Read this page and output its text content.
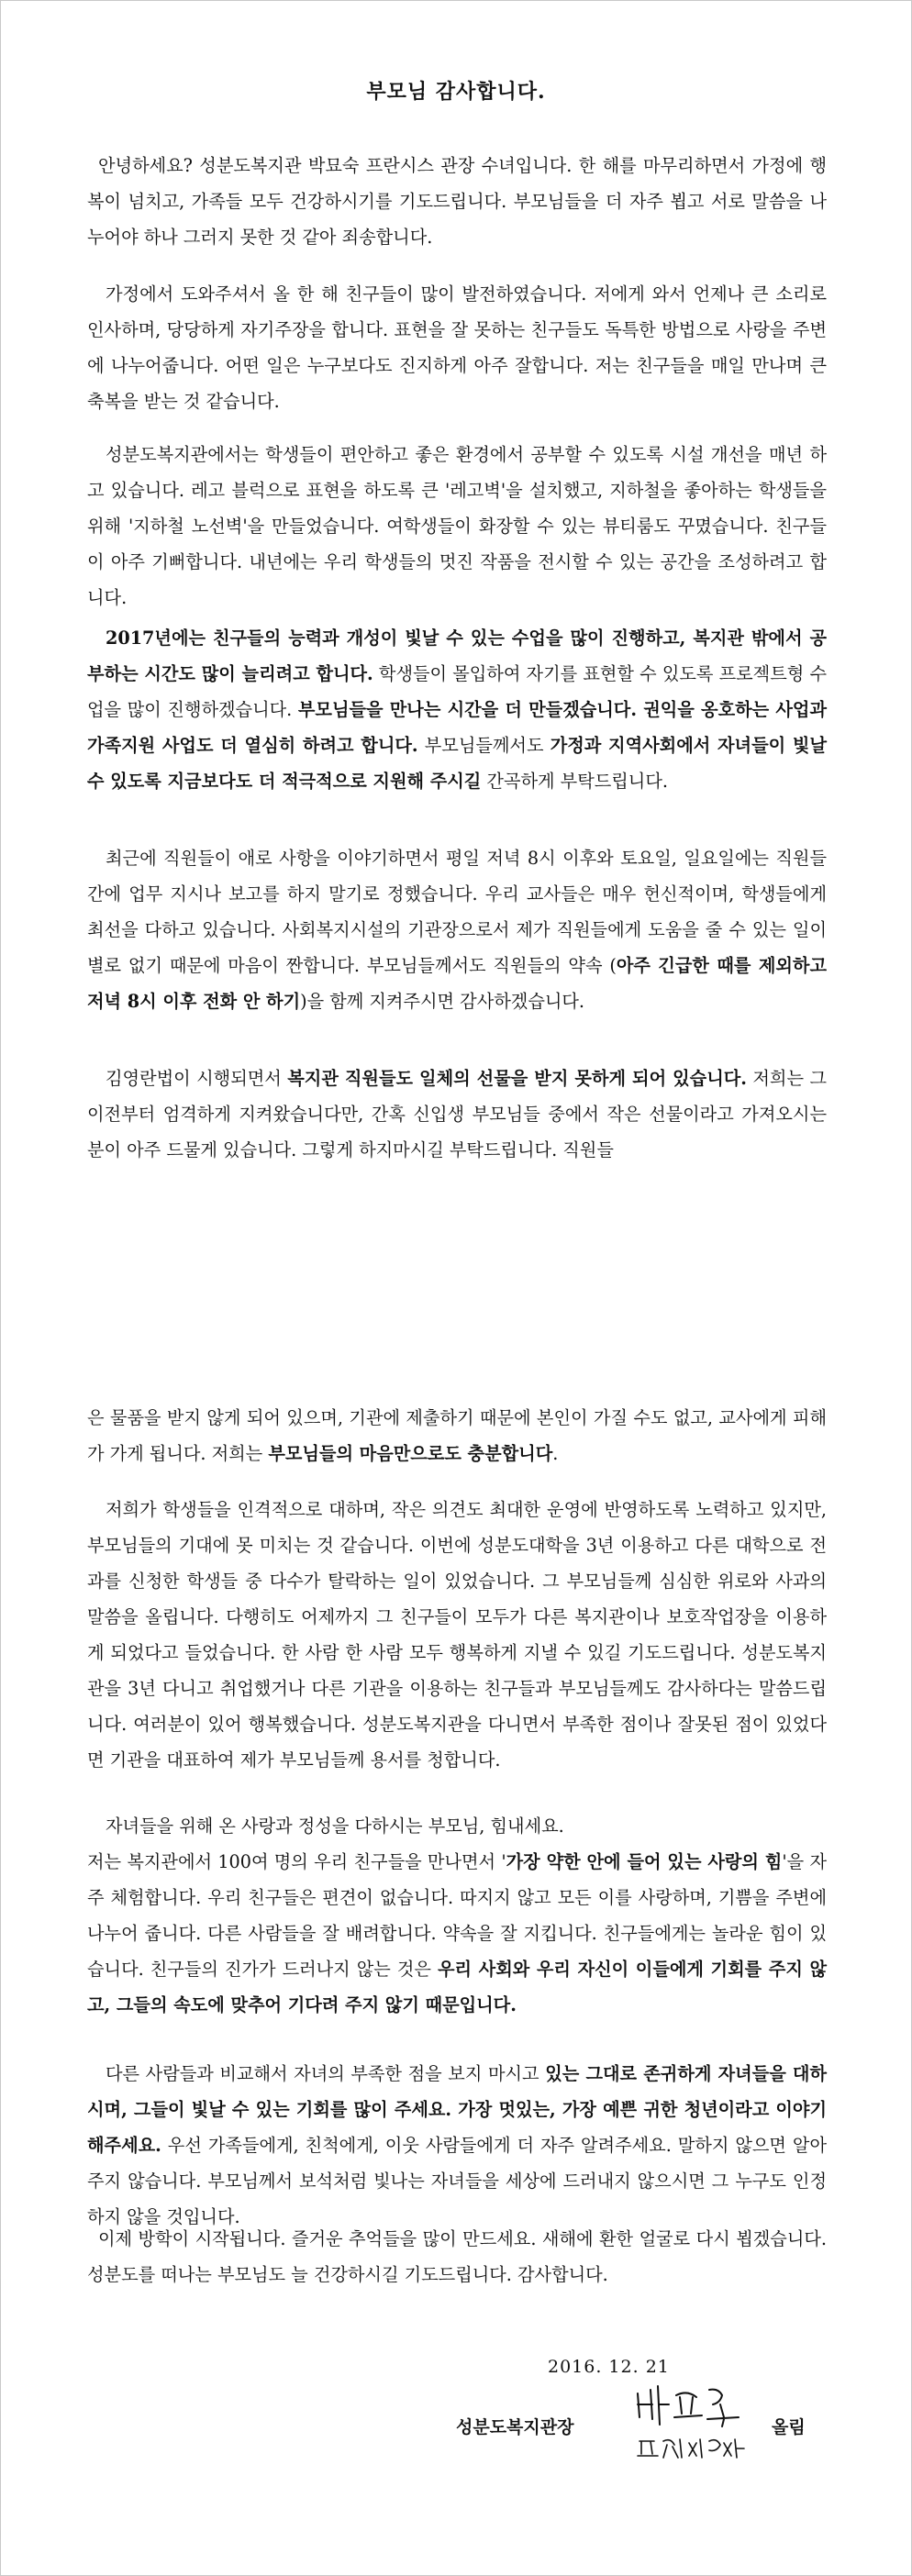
부모님 감사합니다.

안녕하세요? 성분도복지관 박묘숙 프란시스 관장 수녀입니다. 한 해를 마무리하면서 가정에 행복이 넘치고, 가족들 모두 건강하시기를 기도드립니다. 부모님들을 더 자주 뵙고 서로 말씀을 나누어야 하나 그러지 못한 것 같아 죄송합니다.

가정에서 도와주셔서 올 한 해 친구들이 많이 발전하였습니다. 저에게 와서 언제나 큰 소리로 인사하며, 당당하게 자기주장을 합니다. 표현을 잘 못하는 친구들도 독특한 방법으로 사랑을 주변에 나누어줍니다. 어떤 일은 누구보다도 진지하게 아주 잘합니다. 저는 친구들을 매일 만나며 큰 축복을 받는 것 같습니다.

성분도복지관에서는 학생들이 편안하고 좋은 환경에서 공부할 수 있도록 시설 개선을 매년 하고 있습니다. 레고 블럭으로 표현을 하도록 큰 '레고벽'을 설치했고, 지하철을 좋아하는 학생들을 위해 '지하철 노선벽'을 만들었습니다. 여학생들이 화장할 수 있는 뷰티룸도 꾸몄습니다. 친구들이 아주 기뻐합니다. 내년에는 우리 학생들의 멋진 작품을 전시할 수 있는 공간을 조성하려고 합니다.

2017년에는 친구들의 능력과 개성이 빛날 수 있는 수업을 많이 진행하고, 복지관 밖에서 공부하는 시간도 많이 늘리려고 합니다. 학생들이 몰입하여 자기를 표현할 수 있도록 프로젝트형 수업을 많이 진행하겠습니다. 부모님들을 만나는 시간을 더 만들겠습니다. 권익을 옹호하는 사업과 가족지원 사업도 더 열심히 하려고 합니다. 부모님들께서도 가정과 지역사회에서 자녀들이 빛날 수 있도록 지금보다도 더 적극적으로 지원해 주시길 간곡하게 부탁드립니다.

최근에 직원들이 애로 사항을 이야기하면서 평일 저녁 8시 이후와 토요일, 일요일에는 직원들 간에 업무 지시나 보고를 하지 말기로 정했습니다. 우리 교사들은 매우 헌신적이며, 학생들에게 최선을 다하고 있습니다. 사회복지시설의 기관장으로서 제가 직원들에게 도움을 줄 수 있는 일이 별로 없기 때문에 마음이 짠합니다. 부모님들께서도 직원들의 약속 (아주 긴급한 때를 제외하고 저녁 8시 이후 전화 안 하기)을 함께 지켜주시면 감사하겠습니다.

김영란법이 시행되면서 복지관 직원들도 일체의 선물을 받지 못하게 되어 있습니다. 저희는 그 이전부터 엄격하게 지켜왔습니다만, 간혹 신입생 부모님들 중에서 작은 선물이라고 가져오시는 분이 아주 드물게 있습니다. 그렇게 하지마시길 부탁드립니다. 직원들

은 물품을 받지 않게 되어 있으며, 기관에 제출하기 때문에 본인이 가질 수도 없고, 교사에게 피해가 가게 됩니다. 저희는 부모님들의 마음만으로도 충분합니다.

저희가 학생들을 인격적으로 대하며, 작은 의견도 최대한 운영에 반영하도록 노력하고 있지만, 부모님들의 기대에 못 미치는 것 같습니다. 이번에 성분도대학을 3년 이용하고 다른 대학으로 전과를 신청한 학생들 중 다수가 탈락하는 일이 있었습니다. 그 부모님들께 심심한 위로와 사과의 말씀을 올립니다. 다행히도 어제까지 그 친구들이 모두가 다른 복지관이나 보호작업장을 이용하게 되었다고 들었습니다. 한 사람 한 사람 모두 행복하게 지낼 수 있길 기도드립니다. 성분도복지관을 3년 다니고 취업했거나 다른 기관을 이용하는 친구들과 부모님들께도 감사하다는 말씀드립니다. 여러분이 있어 행복했습니다. 성분도복지관을 다니면서 부족한 점이나 잘못된 점이 있었다면 기관을 대표하여 제가 부모님들께 용서를 청합니다.

자녀들을 위해 온 사랑과 정성을 다하시는 부모님, 힘내세요.
저는 복지관에서 100여 명의 우리 친구들을 만나면서 '가장 약한 안에 들어 있는 사랑의 힘'을 자주 체험합니다. 우리 친구들은 편견이 없습니다. 따지지 않고 모든 이를 사랑하며, 기쁨을 주변에 나누어 줍니다. 다른 사람들을 잘 배려합니다. 약속을 잘 지킵니다. 친구들에게는 놀라운 힘이 있습니다. 친구들의 진가가 드러나지 않는 것은 우리 사회와 우리 자신이 이들에게 기회를 주지 않고, 그들의 속도에 맞추어 기다려 주지 않기 때문입니다.

다른 사람들과 비교해서 자녀의 부족한 점을 보지 마시고 있는 그대로 존귀하게 자녀들을 대하시며, 그들이 빛날 수 있는 기회를 많이 주세요. 가장 멋있는, 가장 예쁜 귀한 청년이라고 이야기해주세요. 우선 가족들에게, 친척에게, 이웃 사람들에게 더 자주 알려주세요. 말하지 않으면 알아주지 않습니다. 부모님께서 보석처럼 빛나는 자녀들을 세상에 드러내지 않으시면 그 누구도 인정하지 않을 것입니다.

이제 방학이 시작됩니다. 즐거운 추억들을 많이 만드세요. 새해에 환한 얼굴로 다시 뵙겠습니다. 성분도를 떠나는 부모님도 늘 건강하시길 기도드립니다. 감사합니다.

2016. 12. 21
성분도복지관장	올림
